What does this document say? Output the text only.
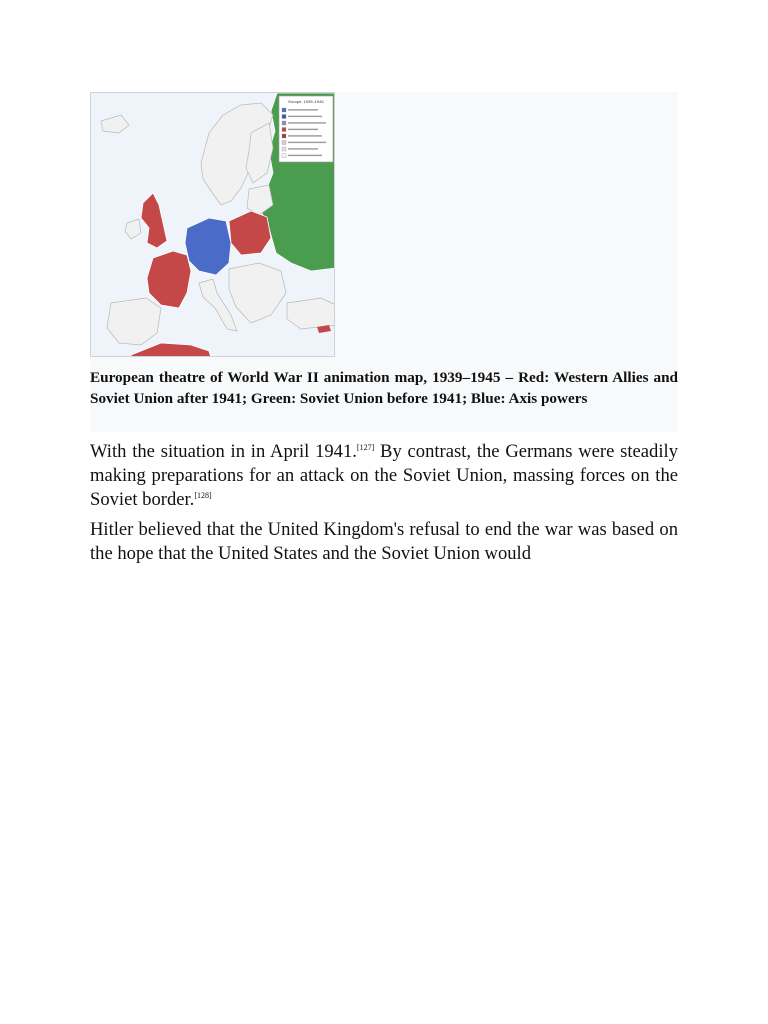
Europe, 1939–1945
European theatre of World War II animation map, 1939–1945 – Red: Western Allies and Soviet Union after 1941; Green: Soviet Union before 1941; Blue: Axis powers

With the situation in in April 1941.[127] By contrast, the Germans were steadily making preparations for an attack on the Soviet Union, massing forces on the Soviet border.[128]

Hitler believed that the United Kingdom's refusal to end the war was based on the hope that the United States and the Soviet Union would
